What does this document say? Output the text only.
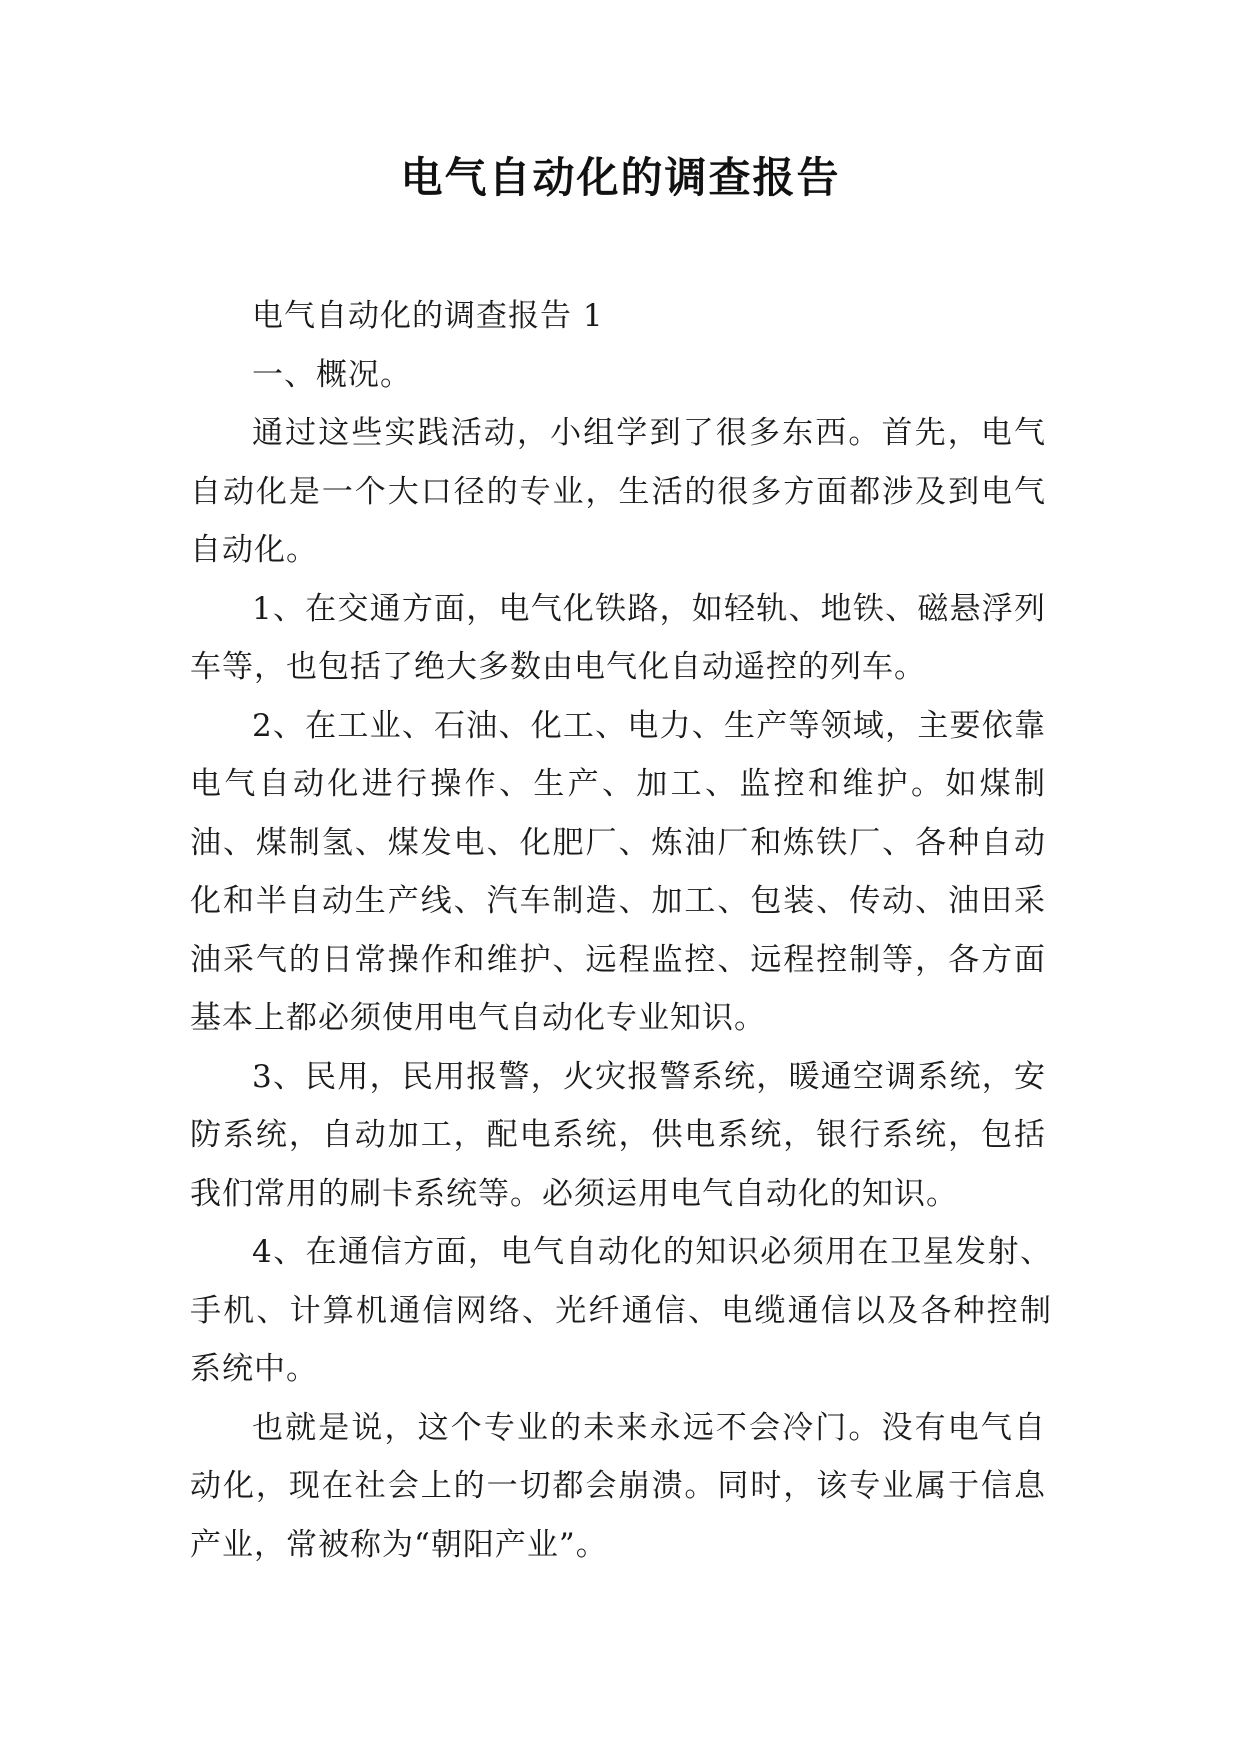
电气自动化的调查报告

电气自动化的调查报告 1

一、概况。

通过这些实践活动，小组学到了很多东西。首先，电气自动化是一个大口径的专业，生活的很多方面都涉及到电气自动化。

1、在交通方面，电气化铁路，如轻轨、地铁、磁悬浮列车等，也包括了绝大多数由电气化自动遥控的列车。

2、在工业、石油、化工、电力、生产等领域，主要依靠电气自动化进行操作、生产、加工、监控和维护。如煤制油、煤制氢、煤发电、化肥厂、炼油厂和炼铁厂、各种自动化和半自动生产线、汽车制造、加工、包装、传动、油田采油采气的日常操作和维护、远程监控、远程控制等，各方面基本上都必须使用电气自动化专业知识。

3、民用，民用报警，火灾报警系统，暖通空调系统，安防系统，自动加工，配电系统，供电系统，银行系统，包括我们常用的刷卡系统等。必须运用电气自动化的知识。

4、在通信方面，电气自动化的知识必须用在卫星发射、手机、计算机通信网络、光纤通信、电缆通信以及各种控制系统中。

也就是说，这个专业的未来永远不会冷门。没有电气自动化，现在社会上的一切都会崩溃。同时，该专业属于信息产业，常被称为“朝阳产业”。
